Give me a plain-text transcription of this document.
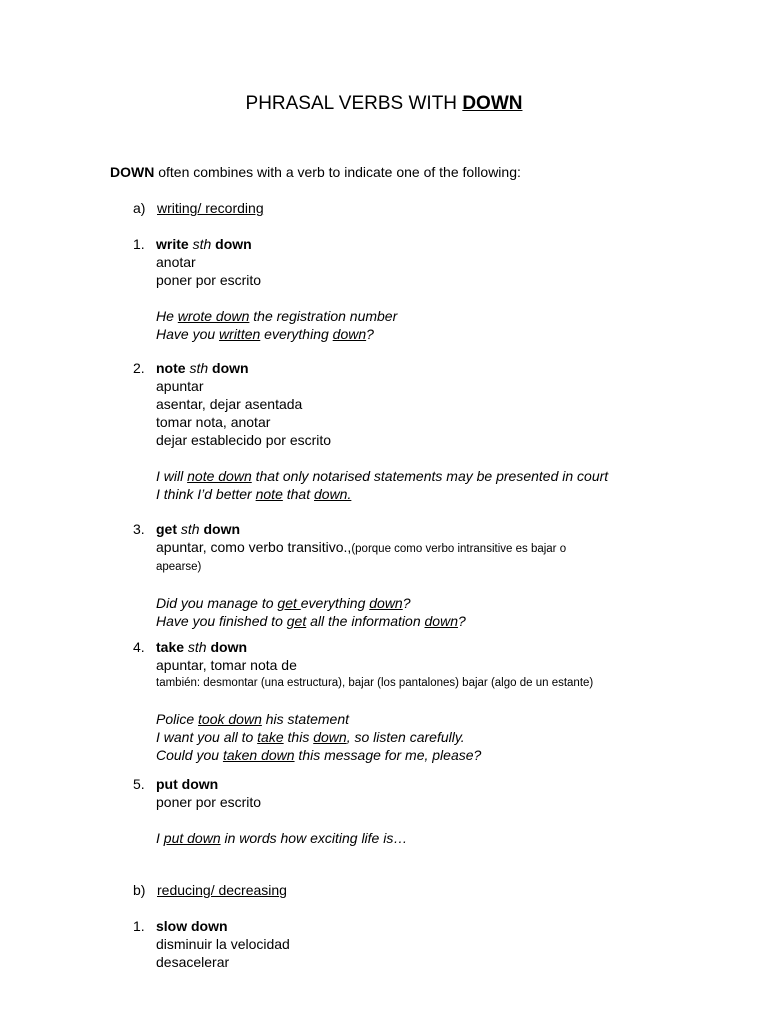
PHRASAL VERBS WITH DOWN
DOWN often combines with a verb to indicate one of the following:
a) writing/ recording
1. write sth down
anotar
poner por escrito
He wrote down the registration number
Have you written everything down?
2. note sth down
apuntar
asentar, dejar asentada
tomar nota, anotar
dejar establecido por escrito
I will note down that only notarised statements may be presented in court
I think I’d better note that down.
3. get sth down
apuntar, como verbo transitivo.,(porque como verbo intransitive es bajar o
apearse)
Did you manage to get everything down?
Have you finished to get all the information down?
4. take sth down
apuntar, tomar nota de
también: desmontar (una estructura), bajar (los pantalones) bajar (algo de un estante)
Police took down his statement
I want you all to take this down, so listen carefully.
Could you taken down this message for me, please?
5. put down
poner por escrito
I put down in words how exciting life is…
b) reducing/ decreasing
1. slow down
disminuir la velocidad
desacelerar
